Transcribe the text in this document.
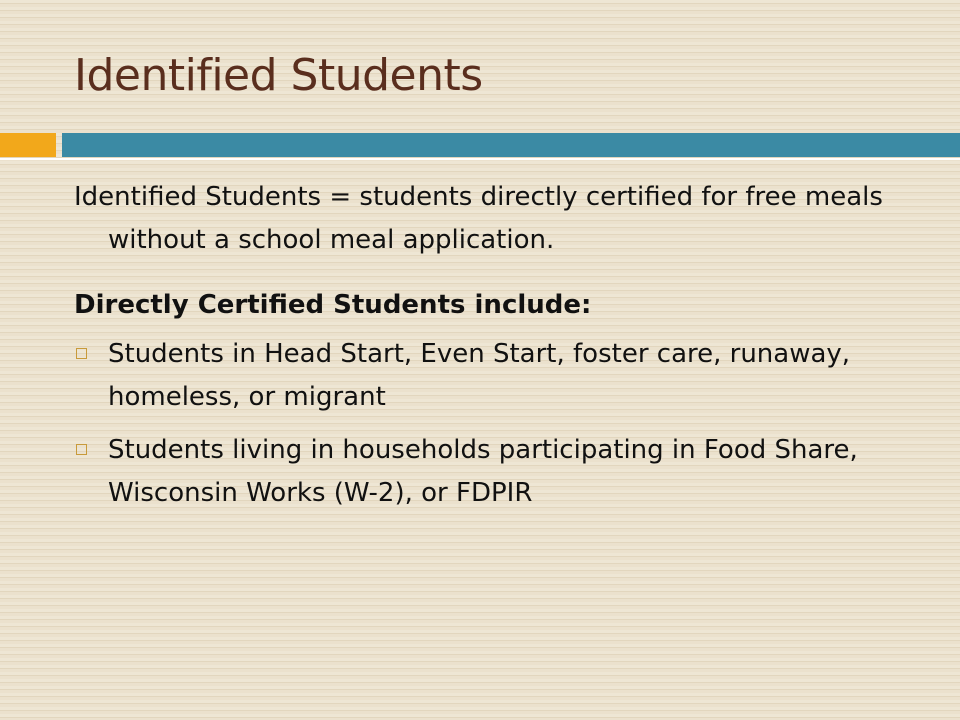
Identified Students

Identified Students = students directly certified for free meals without a school meal application.

Directly Certified Students include:

Students in Head Start, Even Start, foster care, runaway, homeless, or migrant
Students living in households participating in Food Share, Wisconsin Works (W-2), or FDPIR
